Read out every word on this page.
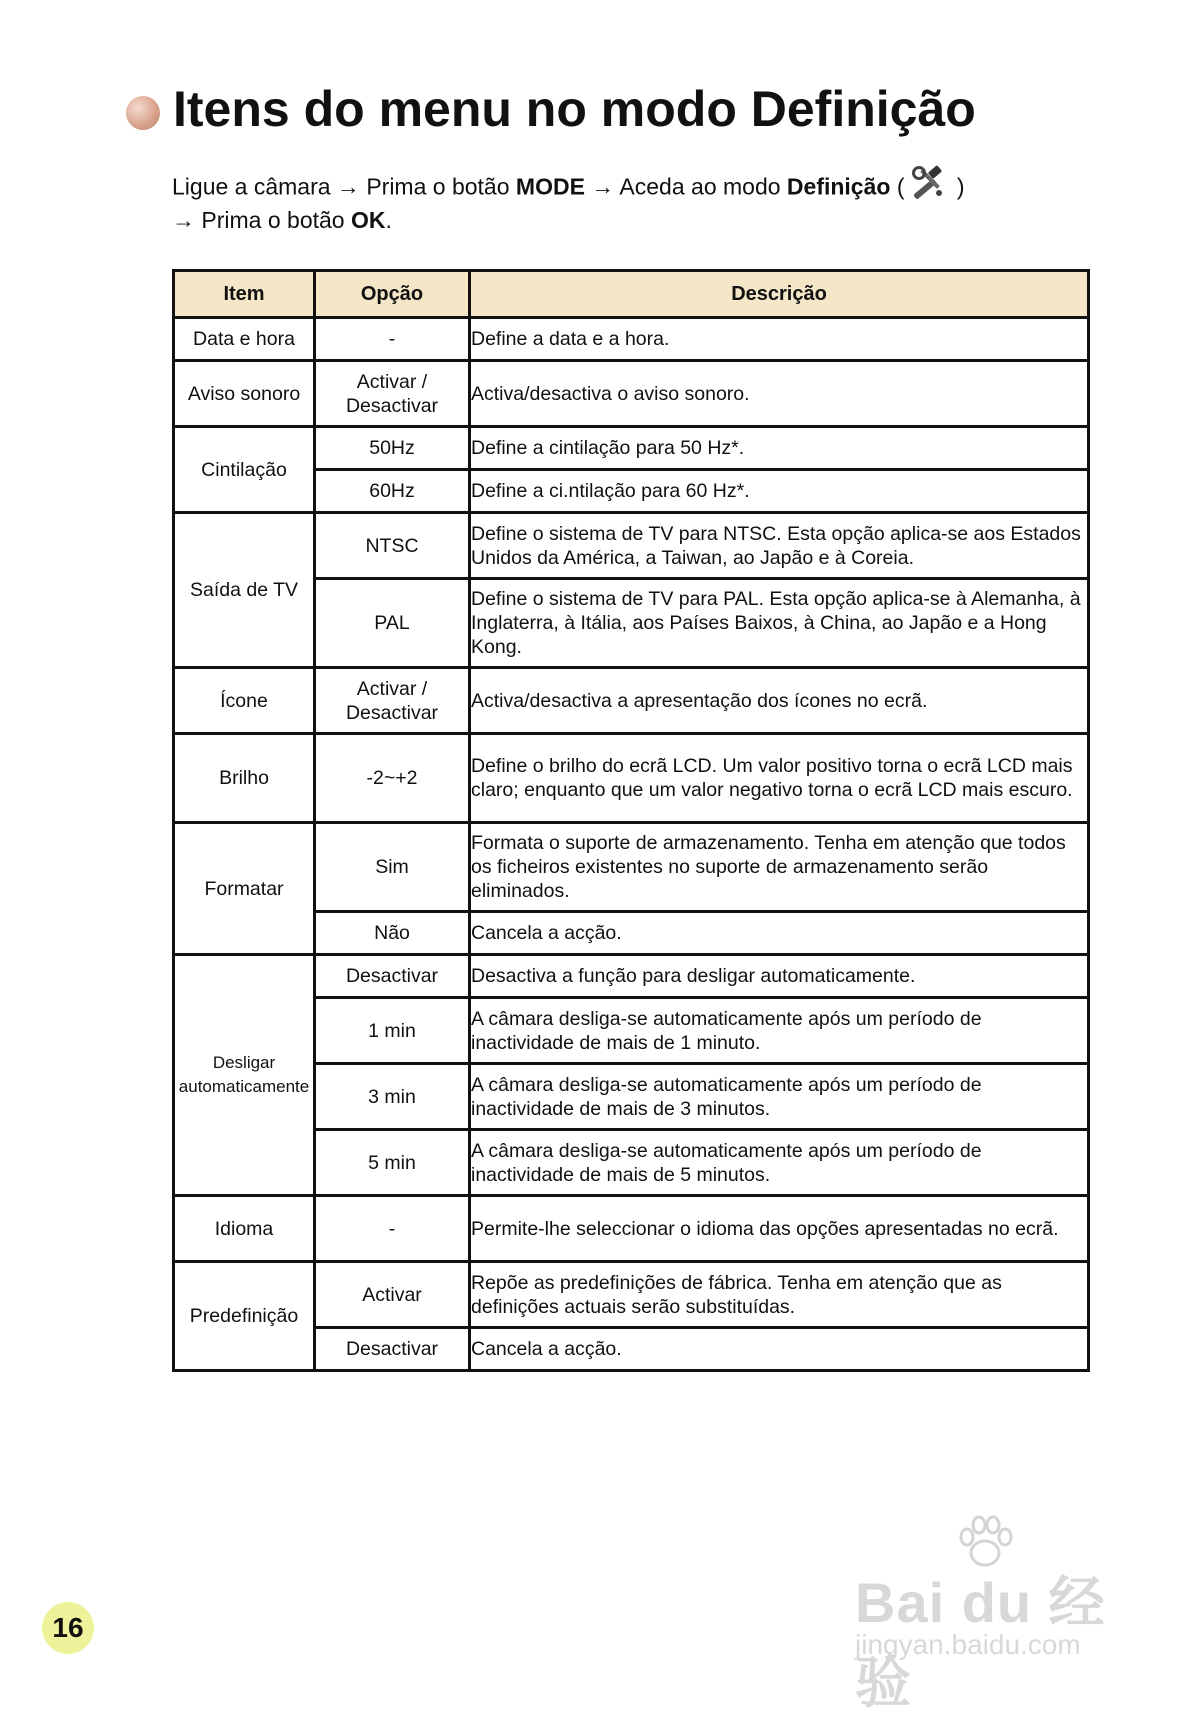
Itens do menu no modo Definição
Ligue a câmara → Prima o botão MODE → Aceda ao modo Definição ( )
→ Prima o botão OK.
Item	Opção	Descrição
Data e hora	-	Define a data e a hora.
Aviso sonoro	Activar / Desactivar	Activa/desactiva o aviso sonoro.
Cintilação	50Hz	Define a cintilação para 50 Hz*.
	60Hz	Define a ci.ntilação para 60 Hz*.
Saída de TV	NTSC	Define o sistema de TV para NTSC. Esta opção aplica-se aos Estados Unidos da América, a Taiwan, ao Japão e à Coreia.
	PAL	Define o sistema de TV para PAL. Esta opção aplica-se à Alemanha, à Inglaterra, à Itália, aos Países Baixos, à China, ao Japão e a Hong Kong.
Ícone	Activar / Desactivar	Activa/desactiva a apresentação dos ícones no ecrã.
Brilho	-2~+2	Define o brilho do ecrã LCD. Um valor positivo torna o ecrã LCD mais claro; enquanto que um valor negativo torna o ecrã LCD mais escuro.
Formatar	Sim	Formata o suporte de armazenamento. Tenha em atenção que todos os ficheiros existentes no suporte de armazenamento serão eliminados.
	Não	Cancela a acção.
Desligar automaticamente	Desactivar	Desactiva a função para desligar automaticamente.
	1 min	A câmara desliga-se automaticamente após um período de inactividade de mais de 1 minuto.
	3 min	A câmara desliga-se automaticamente após um período de inactividade de mais de 3 minutos.
	5 min	A câmara desliga-se automaticamente após um período de inactividade de mais de 5 minutos.
Idioma	-	Permite-lhe seleccionar o idioma das opções apresentadas no ecrã.
Predefinição	Activar	Repõe as predefinições de fábrica. Tenha em atenção que as definições actuais serão substituídas.
	Desactivar	Cancela a acção.
16	Bai du 经验
jingyan.baidu.com
